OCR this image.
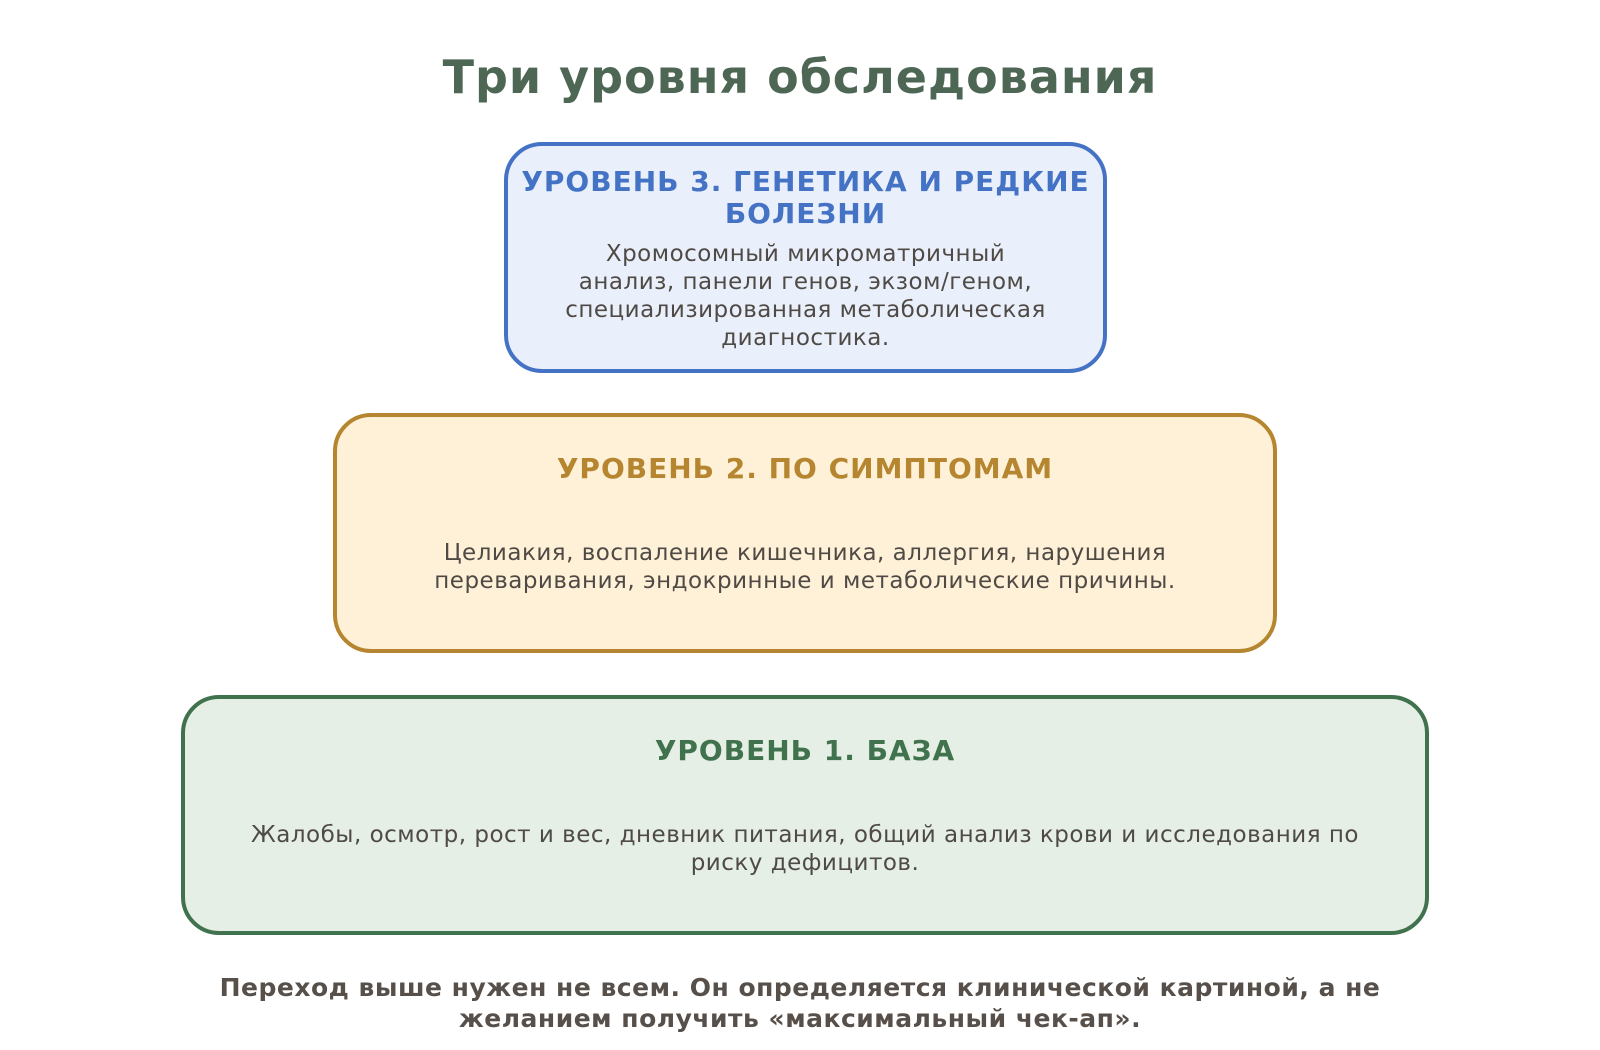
Три уровня обследования

УРОВЕНЬ 3. ГЕНЕТИКА И РЕДКИЕ БОЛЕЗНИ

Хромосомный микроматричный анализ, панели генов, экзом/геном, специализированная метаболическая диагностика.

УРОВЕНЬ 2. ПО СИМПТОМАМ

Целиакия, воспаление кишечника, аллергия, нарушения переваривания, эндокринные и метаболические причины.

УРОВЕНЬ 1. БАЗА

Жалобы, осмотр, рост и вес, дневник питания, общий анализ крови и исследования по риску дефицитов.

Переход выше нужен не всем. Он определяется клинической картиной, а не желанием получить «максимальный чек-ап».
